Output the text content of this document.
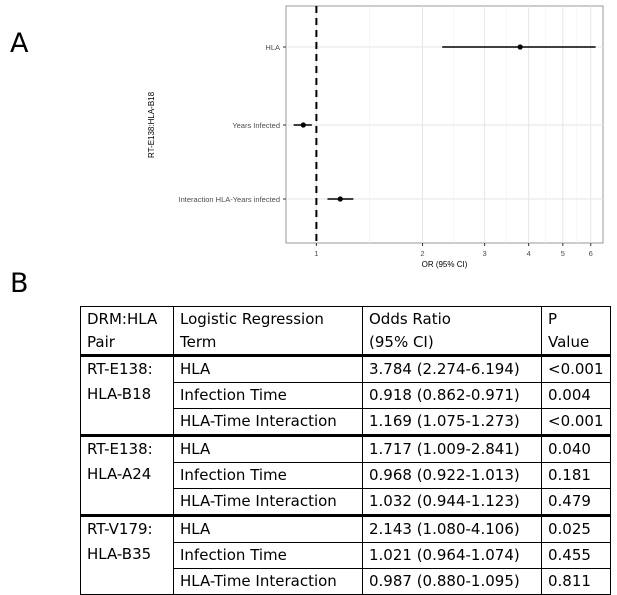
A
B
HLA
Years Infected
Interaction HLA-Years infected
1	2	3	4	5	6
OR (95% CI)
RT-E138:HLA-B18
DRM:HLA	Logistic Regression	Odds Ratio	P
Pair	Term	(95% CI)	Value

RT-E138:
HLA-B18	HLA	3.784 (2.274-6.194)	<0.001
	Infection Time	0.918 (0.862-0.971)	0.004
	HLA-Time Interaction	1.169 (1.075-1.273)	<0.001

RT-E138:
HLA-A24	HLA	1.717 (1.009-2.841)	0.040
	Infection Time	0.968 (0.922-1.013)	0.181
	HLA-Time Interaction	1.032 (0.944-1.123)	0.479

RT-V179:
HLA-B35	HLA	2.143 (1.080-4.106)	0.025
	Infection Time	1.021 (0.964-1.074)	0.455
	HLA-Time Interaction	0.987 (0.880-1.095)	0.811
